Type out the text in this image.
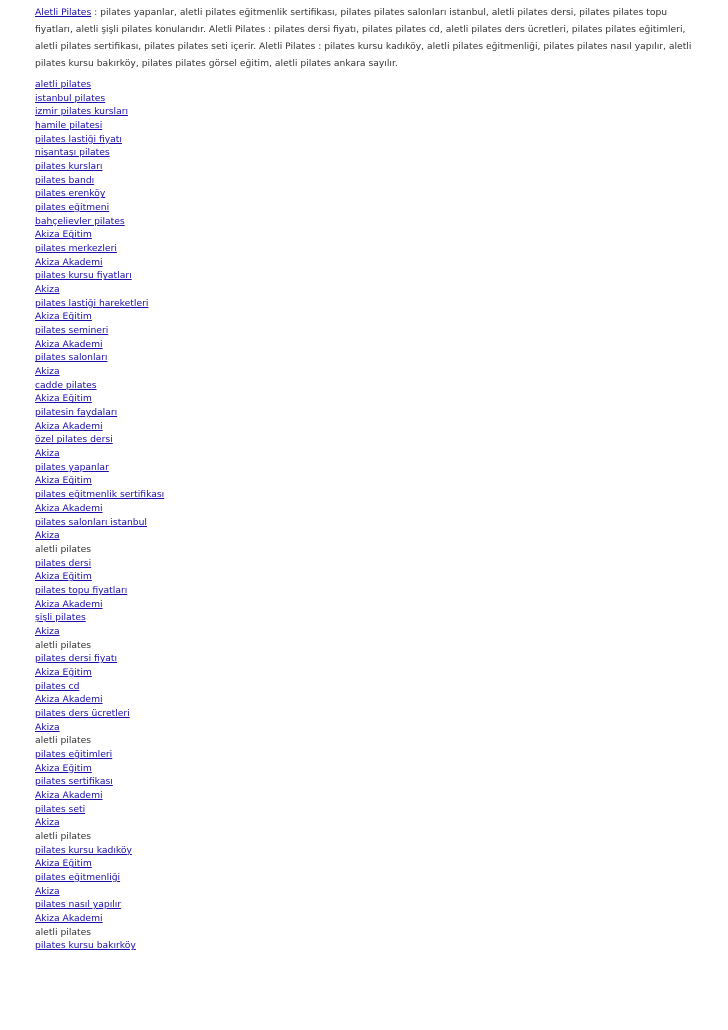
Aletli Pilates : pilates yapanlar, aletli pilates eğitmenlik sertifikası, pilates pilates salonları istanbul, aletli pilates dersi, pilates pilates topu fiyatları, aletli şişli pilates konularıdır. Aletli Pilates : pilates dersi fiyatı, pilates pilates cd, aletli pilates ders ücretleri, pilates pilates eğitimleri, aletli pilates sertifikası, pilates pilates seti içerir. Aletli Pilates : pilates kursu kadıköy, aletli pilates eğitmenliği, pilates pilates nasıl yapılır, aletli pilates kursu bakırköy, pilates pilates görsel eğitim, aletli pilates ankara sayılır.

aletli pilates
istanbul pilates
izmir pilates kursları
hamile pilatesi
pilates lastiği fiyatı
nişantaşı pilates
pilates kursları
pilates bandı
pilates erenköy
pilates eğitmeni
bahçelievler pilates
Akiza Eğitim
pilates merkezleri
Akiza Akademi
pilates kursu fiyatları
Akiza
pilates lastiği hareketleri
Akiza Eğitim
pilates semineri
Akiza Akademi
pilates salonları
Akiza
cadde pilates
Akiza Eğitim
pilatesin faydaları
Akiza Akademi
özel pilates dersi
Akiza
pilates yapanlar
Akiza Eğitim
pilates eğitmenlik sertifikası
Akiza Akademi
pilates salonları istanbul
Akiza
aletli pilates
pilates dersi
Akiza Eğitim
pilates topu fiyatları
Akiza Akademi
şişli pilates
Akiza
aletli pilates
pilates dersi fiyatı
Akiza Eğitim
pilates cd
Akiza Akademi
pilates ders ücretleri
Akiza
aletli pilates
pilates eğitimleri
Akiza Eğitim
pilates sertifikası
Akiza Akademi
pilates seti
Akiza
aletli pilates
pilates kursu kadıköy
Akiza Eğitim
pilates eğitmenliği
Akiza
pilates nasıl yapılır
Akiza Akademi
aletli pilates
pilates kursu bakırköy
